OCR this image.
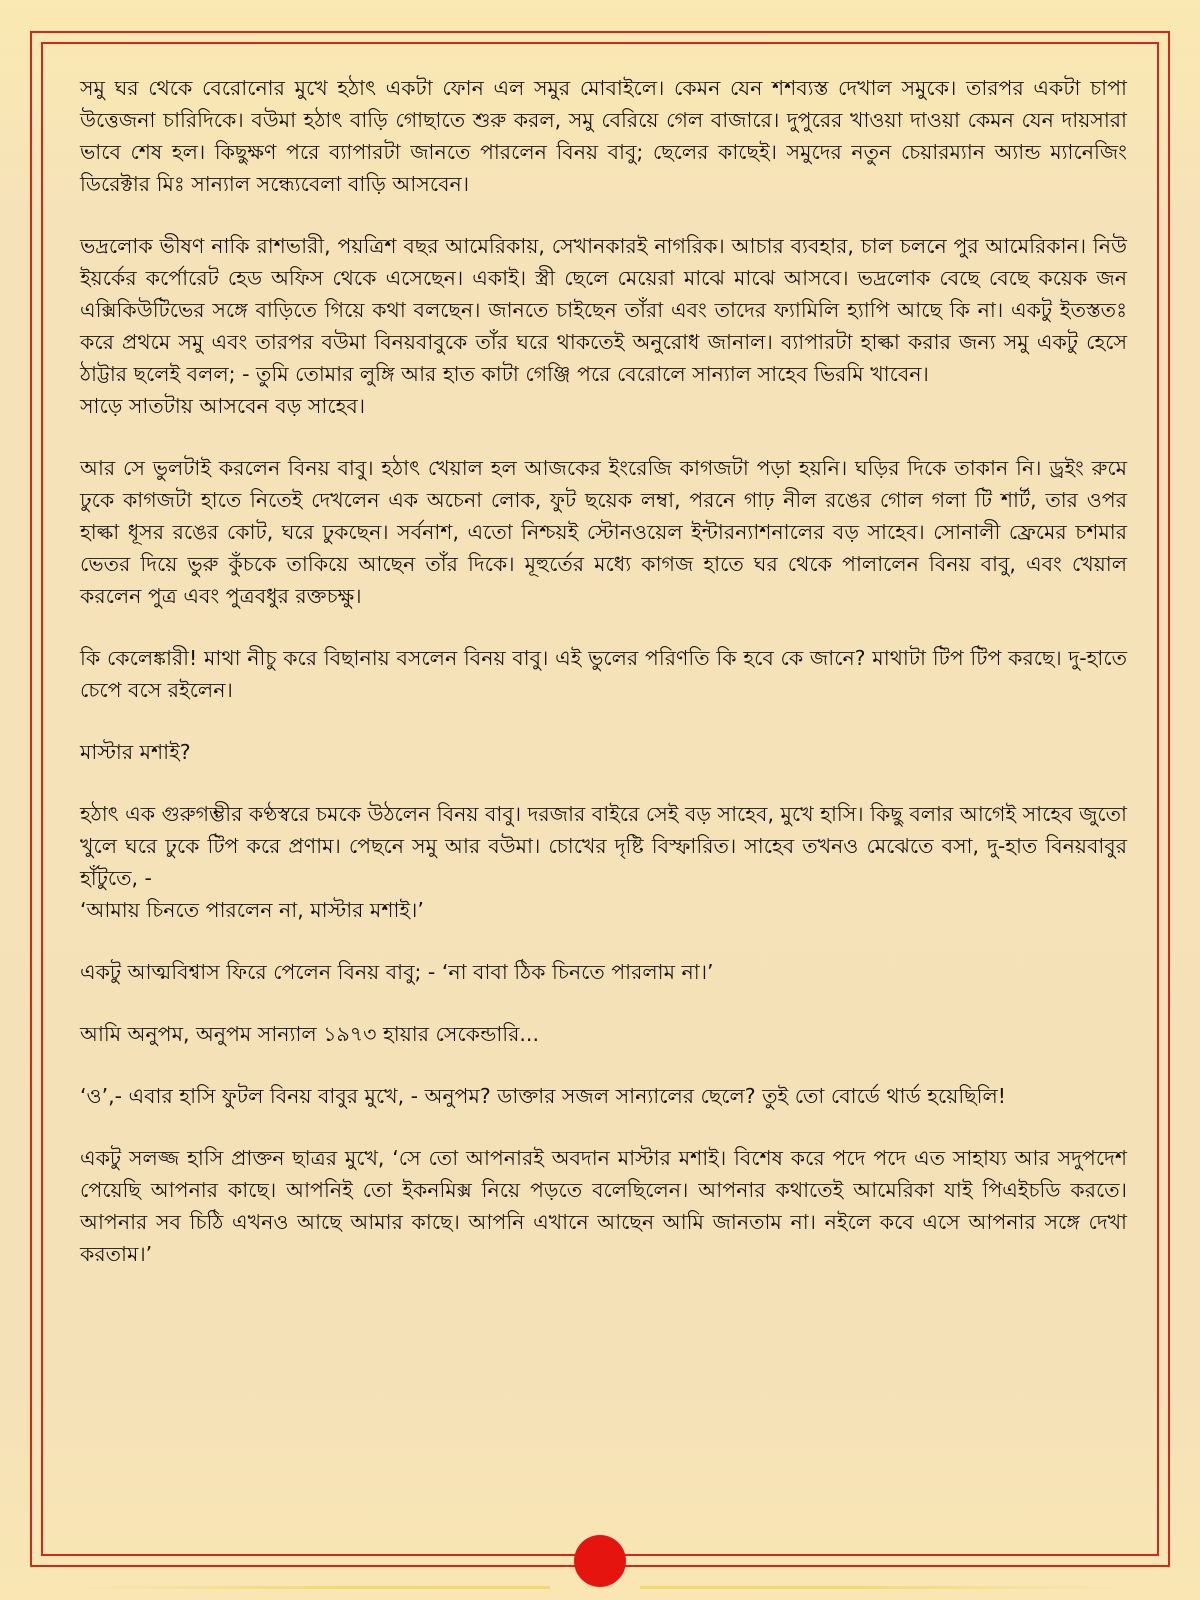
সমু ঘর থেকে বেরোনোর মুখে হঠাৎ একটা ফোন এল সমুর মোবাইলে। কেমন যেন শশব্যস্ত দেখাল সমুকে। তারপর একটা চাপা উত্তেজনা চারিদিকে। বউমা হঠাৎ বাড়ি গোছাতে শুরু করল, সমু বেরিয়ে গেল বাজারে। দুপুরের খাওয়া দাওয়া কেমন যেন দায়সারা ভাবে শেষ হল। কিছুক্ষণ পরে ব্যাপারটা জানতে পারলেন বিনয় বাবু; ছেলের কাছেই। সমুদের নতুন চেয়ারম্যান অ্যান্ড ম্যানেজিং ডিরেক্টার মিঃ সান্যাল সন্ধ্যেবেলা বাড়ি আসবেন।

ভদ্রলোক ভীষণ নাকি রাশভারী, পয়ত্রিশ বছর আমেরিকায়, সেখানকারই নাগরিক। আচার ব্যবহার, চাল চলনে পুর আমেরিকান। নিউ ইয়র্কের কর্পোরেট হেড অফিস থেকে এসেছেন। একাই। স্ত্রী ছেলে মেয়েরা মাঝে মাঝে আসবে। ভদ্রলোক বেছে বেছে কয়েক জন এক্সিকিউটিভের সঙ্গে বাড়িতে গিয়ে কথা বলছেন। জানতে চাইছেন তাঁরা এবং তাদের ফ্যামিলি হ্যাপি আছে কি না। একটু ইতস্ততঃ করে প্রথমে সমু এবং তারপর বউমা বিনয়বাবুকে তাঁর ঘরে থাকতেই অনুরোধ জানাল। ব্যাপারটা হাল্কা করার জন্য সমু একটু হেসে ঠাট্টার ছলেই বলল; - তুমি তোমার লুঙ্গি আর হাত কাটা গেঞ্জি পরে বেরোলে সান্যাল সাহেব ভিরমি খাবেন।
সাড়ে সাতটায় আসবেন বড় সাহেব।

আর সে ভুলটাই করলেন বিনয় বাবু। হঠাৎ খেয়াল হল আজকের ইংরেজি কাগজটা পড়া হয়নি। ঘড়ির দিকে তাকান নি। ড্রইং রুমে ঢুকে কাগজটা হাতে নিতেই দেখলেন এক অচেনা লোক, ফুট ছয়েক লম্বা, পরনে গাঢ় নীল রঙের গোল গলা টি শার্ট, তার ওপর হাল্কা ধূসর রঙের কোট, ঘরে ঢুকছেন। সর্বনাশ, এতো নিশ্চয়ই স্টোনওয়েল ইন্টারন্যাশনালের বড় সাহেব। সোনালী ফ্রেমের চশমার ভেতর দিয়ে ভুরু কুঁচকে তাকিয়ে আছেন তাঁর দিকে। মূহুর্তের মধ্যে কাগজ হাতে ঘর থেকে পালালেন বিনয় বাবু, এবং খেয়াল করলেন পুত্র এবং পুত্রবধুর রক্তচক্ষু।

কি কেলেঙ্কারী! মাথা নীচু করে বিছানায় বসলেন বিনয় বাবু। এই ভুলের পরিণতি কি হবে কে জানে? মাথাটা টিপ টিপ করছে। দু-হাতে চেপে বসে রইলেন।

মাস্টার মশাই?

হঠাৎ এক গুরুগম্ভীর কণ্ঠস্বরে চমকে উঠলেন বিনয় বাবু। দরজার বাইরে সেই বড় সাহেব, মুখে হাসি। কিছু বলার আগেই সাহেব জুতো খুলে ঘরে ঢুকে টিপ করে প্রণাম। পেছনে সমু আর বউমা। চোখের দৃষ্টি বিস্ফারিত। সাহেব তখনও মেঝেতে বসা, দু-হাত বিনয়বাবুর হাঁটুতে, -
‘আমায় চিনতে পারলেন না, মাস্টার মশাই।’

একটু আত্মবিশ্বাস ফিরে পেলেন বিনয় বাবু; - ‘না বাবা ঠিক চিনতে পারলাম না।’

আমি অনুপম, অনুপম সান্যাল ১৯৭৩ হায়ার সেকেন্ডারি...

‘ও’,- এবার হাসি ফুটল বিনয় বাবুর মুখে, - অনুপম? ডাক্তার সজল সান্যালের ছেলে? তুই তো বোর্ডে থার্ড হয়েছিলি!

একটু সলজ্জ হাসি প্রাক্তন ছাত্রর মুখে, ‘সে তো আপনারই অবদান মাস্টার মশাই। বিশেষ করে পদে পদে এত সাহায্য আর সদুপদেশ পেয়েছি আপনার কাছে। আপনিই তো ইকনমিক্স নিয়ে পড়তে বলেছিলেন। আপনার কথাতেই আমেরিকা যাই পিএইচডি করতে। আপনার সব চিঠি এখনও আছে আমার কাছে। আপনি এখানে আছেন আমি জানতাম না। নইলে কবে এসে আপনার সঙ্গে দেখা করতাম।’
